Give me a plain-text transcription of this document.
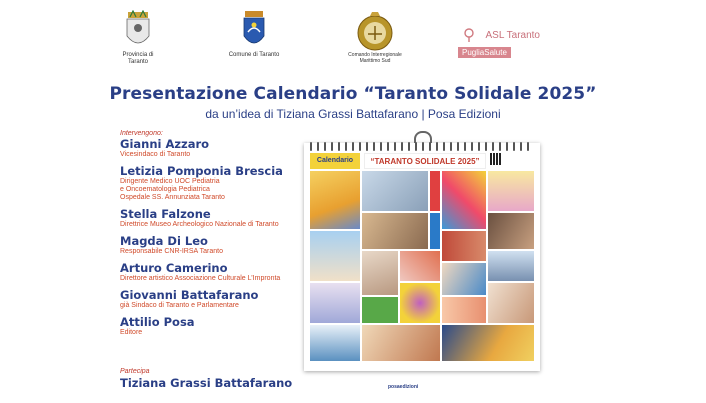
Provincia di Taranto
Comune di Taranto	Comando Interregionale Marittimo Sud
ASL Taranto
PugliaSalute
Presentazione Calendario “Taranto Solidale 2025”
da un’idea di Tiziana Grassi Battafarano | Posa Edizioni
Intervengono:
Gianni Azzaro
Vicesindaco di Taranto
Letizia Pomponia Brescia
Dirigente Medico UOC Pediatria
e Oncoematologia Pediatrica
Ospedale SS. Annunziata Taranto
Stella Falzone
Direttrice Museo Archeologico Nazionale di Taranto
Magda Di Leo
Responsabile CNR-IRSA Taranto
Arturo Camerino
Direttore artistico Associazione Culturale L’Impronta
Giovanni Battafarano
già Sindaco di Taranto e Parlamentare
Attilio Posa
Editore
Partecipa
Tiziana Grassi Battafarano
Calendario	“TARANTO SOLIDALE 2025”

posaedizioni
